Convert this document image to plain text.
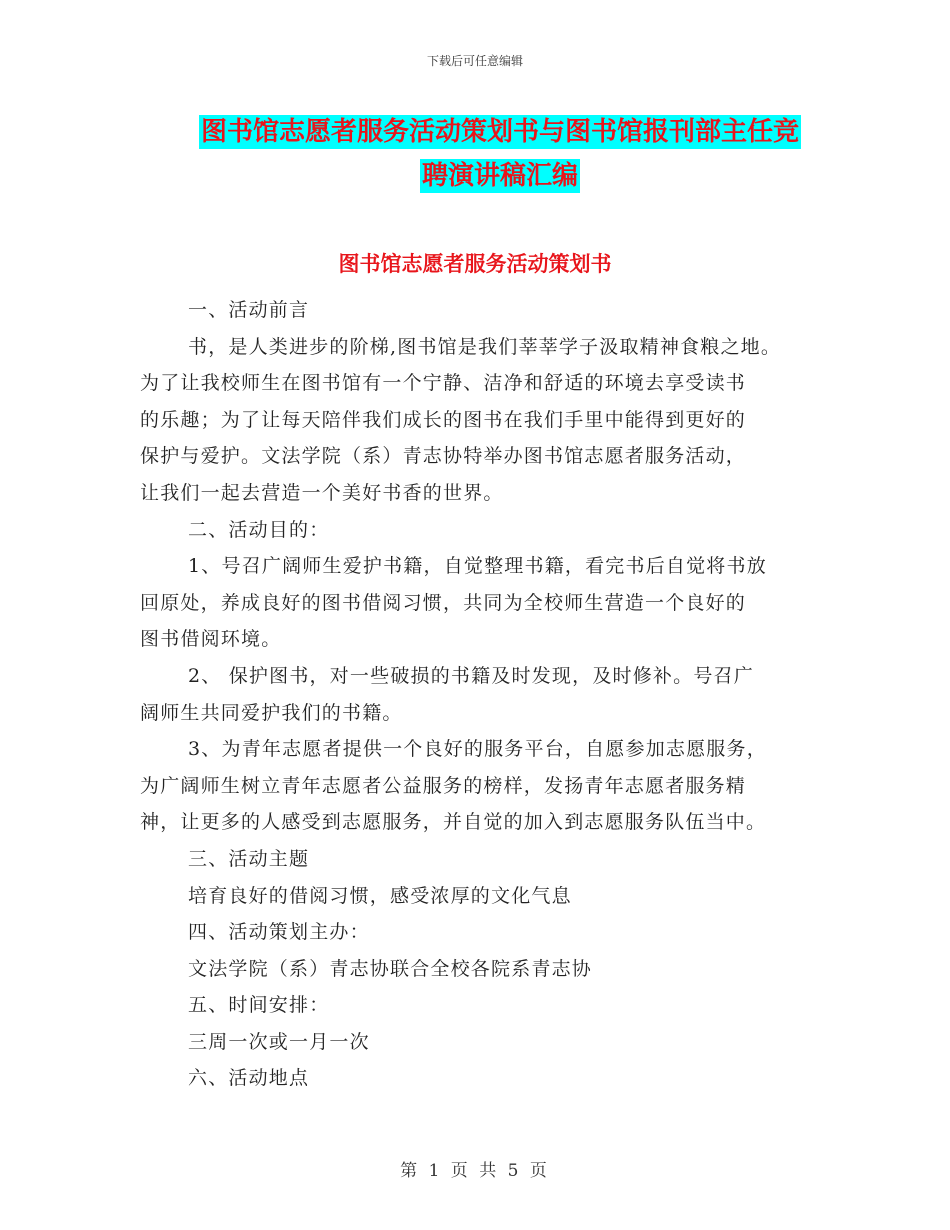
下载后可任意编辑
图书馆志愿者服务活动策划书与图书馆报刊部主任竞
聘演讲稿汇编
图书馆志愿者服务活动策划书
一、活动前言
书，是人类进步的阶梯,图书馆是我们莘莘学子汲取精神食粮之地。
为了让我校师生在图书馆有一个宁静、洁净和舒适的环境去享受读书
的乐趣；为了让每天陪伴我们成长的图书在我们手里中能得到更好的
保护与爱护。文法学院（系）青志协特举办图书馆志愿者服务活动，
让我们一起去营造一个美好书香的世界。
二、活动目的：
1、号召广阔师生爱护书籍，自觉整理书籍，看完书后自觉将书放
回原处，养成良好的图书借阅习惯，共同为全校师生营造一个良好的
图书借阅环境。
2、 保护图书，对一些破损的书籍及时发现，及时修补。号召广
阔师生共同爱护我们的书籍。
3、为青年志愿者提供一个良好的服务平台，自愿参加志愿服务，
为广阔师生树立青年志愿者公益服务的榜样，发扬青年志愿者服务精
神，让更多的人感受到志愿服务，并自觉的加入到志愿服务队伍当中。
三、活动主题
培育良好的借阅习惯，感受浓厚的文化气息
四、活动策划主办：
文法学院（系）青志协联合全校各院系青志协
五、时间安排：
三周一次或一月一次
六、活动地点
第 1 页 共 5 页
